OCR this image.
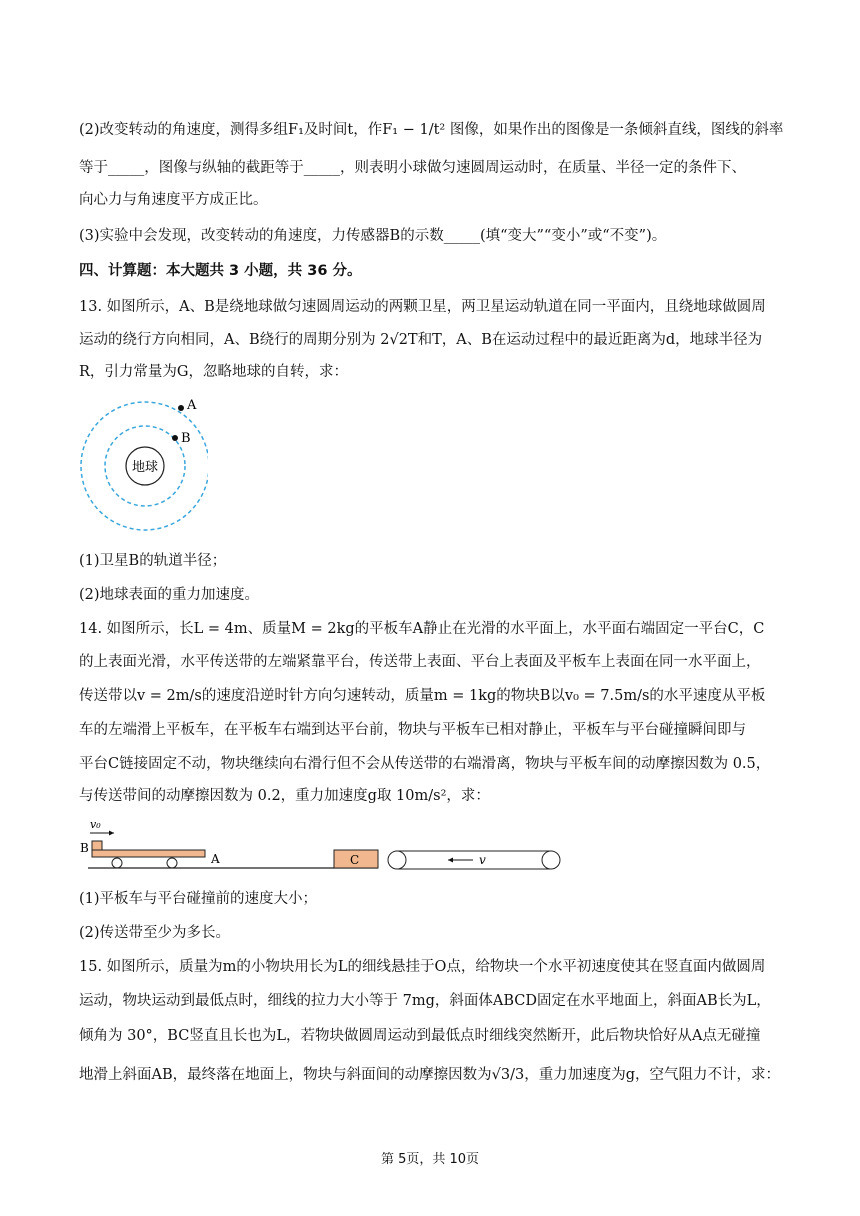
(2)改变转动的角速度，测得多组F₁及时间t，作F₁ − 1/t² 图像，如果作出的图像是一条倾斜直线，图线的斜率
等于_____，图像与纵轴的截距等于_____，则表明小球做匀速圆周运动时，在质量、半径一定的条件下、
向心力与角速度平方成正比。
(3)实验中会发现，改变转动的角速度，力传感器B的示数_____(填“变大”“变小”或“不变”)。
四、计算题：本大题共 3 小题，共 36 分。
13. 如图所示，A、B是绕地球做匀速圆周运动的两颗卫星，两卫星运动轨道在同一平面内，且绕地球做圆周
运动的绕行方向相同，A、B绕行的周期分别为 2√2T和T，A、B在运动过程中的最近距离为d，地球半径为
R，引力常量为G，忽略地球的自转，求：
地球
A
B
(1)卫星B的轨道半径；
(2)地球表面的重力加速度。
14. 如图所示，长L = 4m、质量M = 2kg的平板车A静止在光滑的水平面上，水平面右端固定一平台C，C
的上表面光滑，水平传送带的左端紧靠平台，传送带上表面、平台上表面及平板车上表面在同一水平面上，
传送带以v = 2m/s的速度沿逆时针方向匀速转动，质量m = 1kg的物块B以v₀ = 7.5m/s的水平速度从平板
车的左端滑上平板车，在平板车右端到达平台前，物块与平板车已相对静止，平板车与平台碰撞瞬间即与
平台C链接固定不动，物块继续向右滑行但不会从传送带的右端滑离，物块与平板车间的动摩擦因数为 0.5，
与传送带间的动摩擦因数为 0.2，重力加速度g取 10m/s²，求：
v₀
B
A	C	v
(1)平板车与平台碰撞前的速度大小；
(2)传送带至少为多长。
15. 如图所示，质量为m的小物块用长为L的细线悬挂于O点，给物块一个水平初速度使其在竖直面内做圆周
运动，物块运动到最低点时，细线的拉力大小等于 7mg，斜面体ABCD固定在水平地面上，斜面AB长为L，
倾角为 30°，BC竖直且长也为L，若物块做圆周运动到最低点时细线突然断开，此后物块恰好从A点无碰撞
地滑上斜面AB，最终落在地面上，物块与斜面间的动摩擦因数为√3/3，重力加速度为g，空气阻力不计，求：
第 5页，共 10页
